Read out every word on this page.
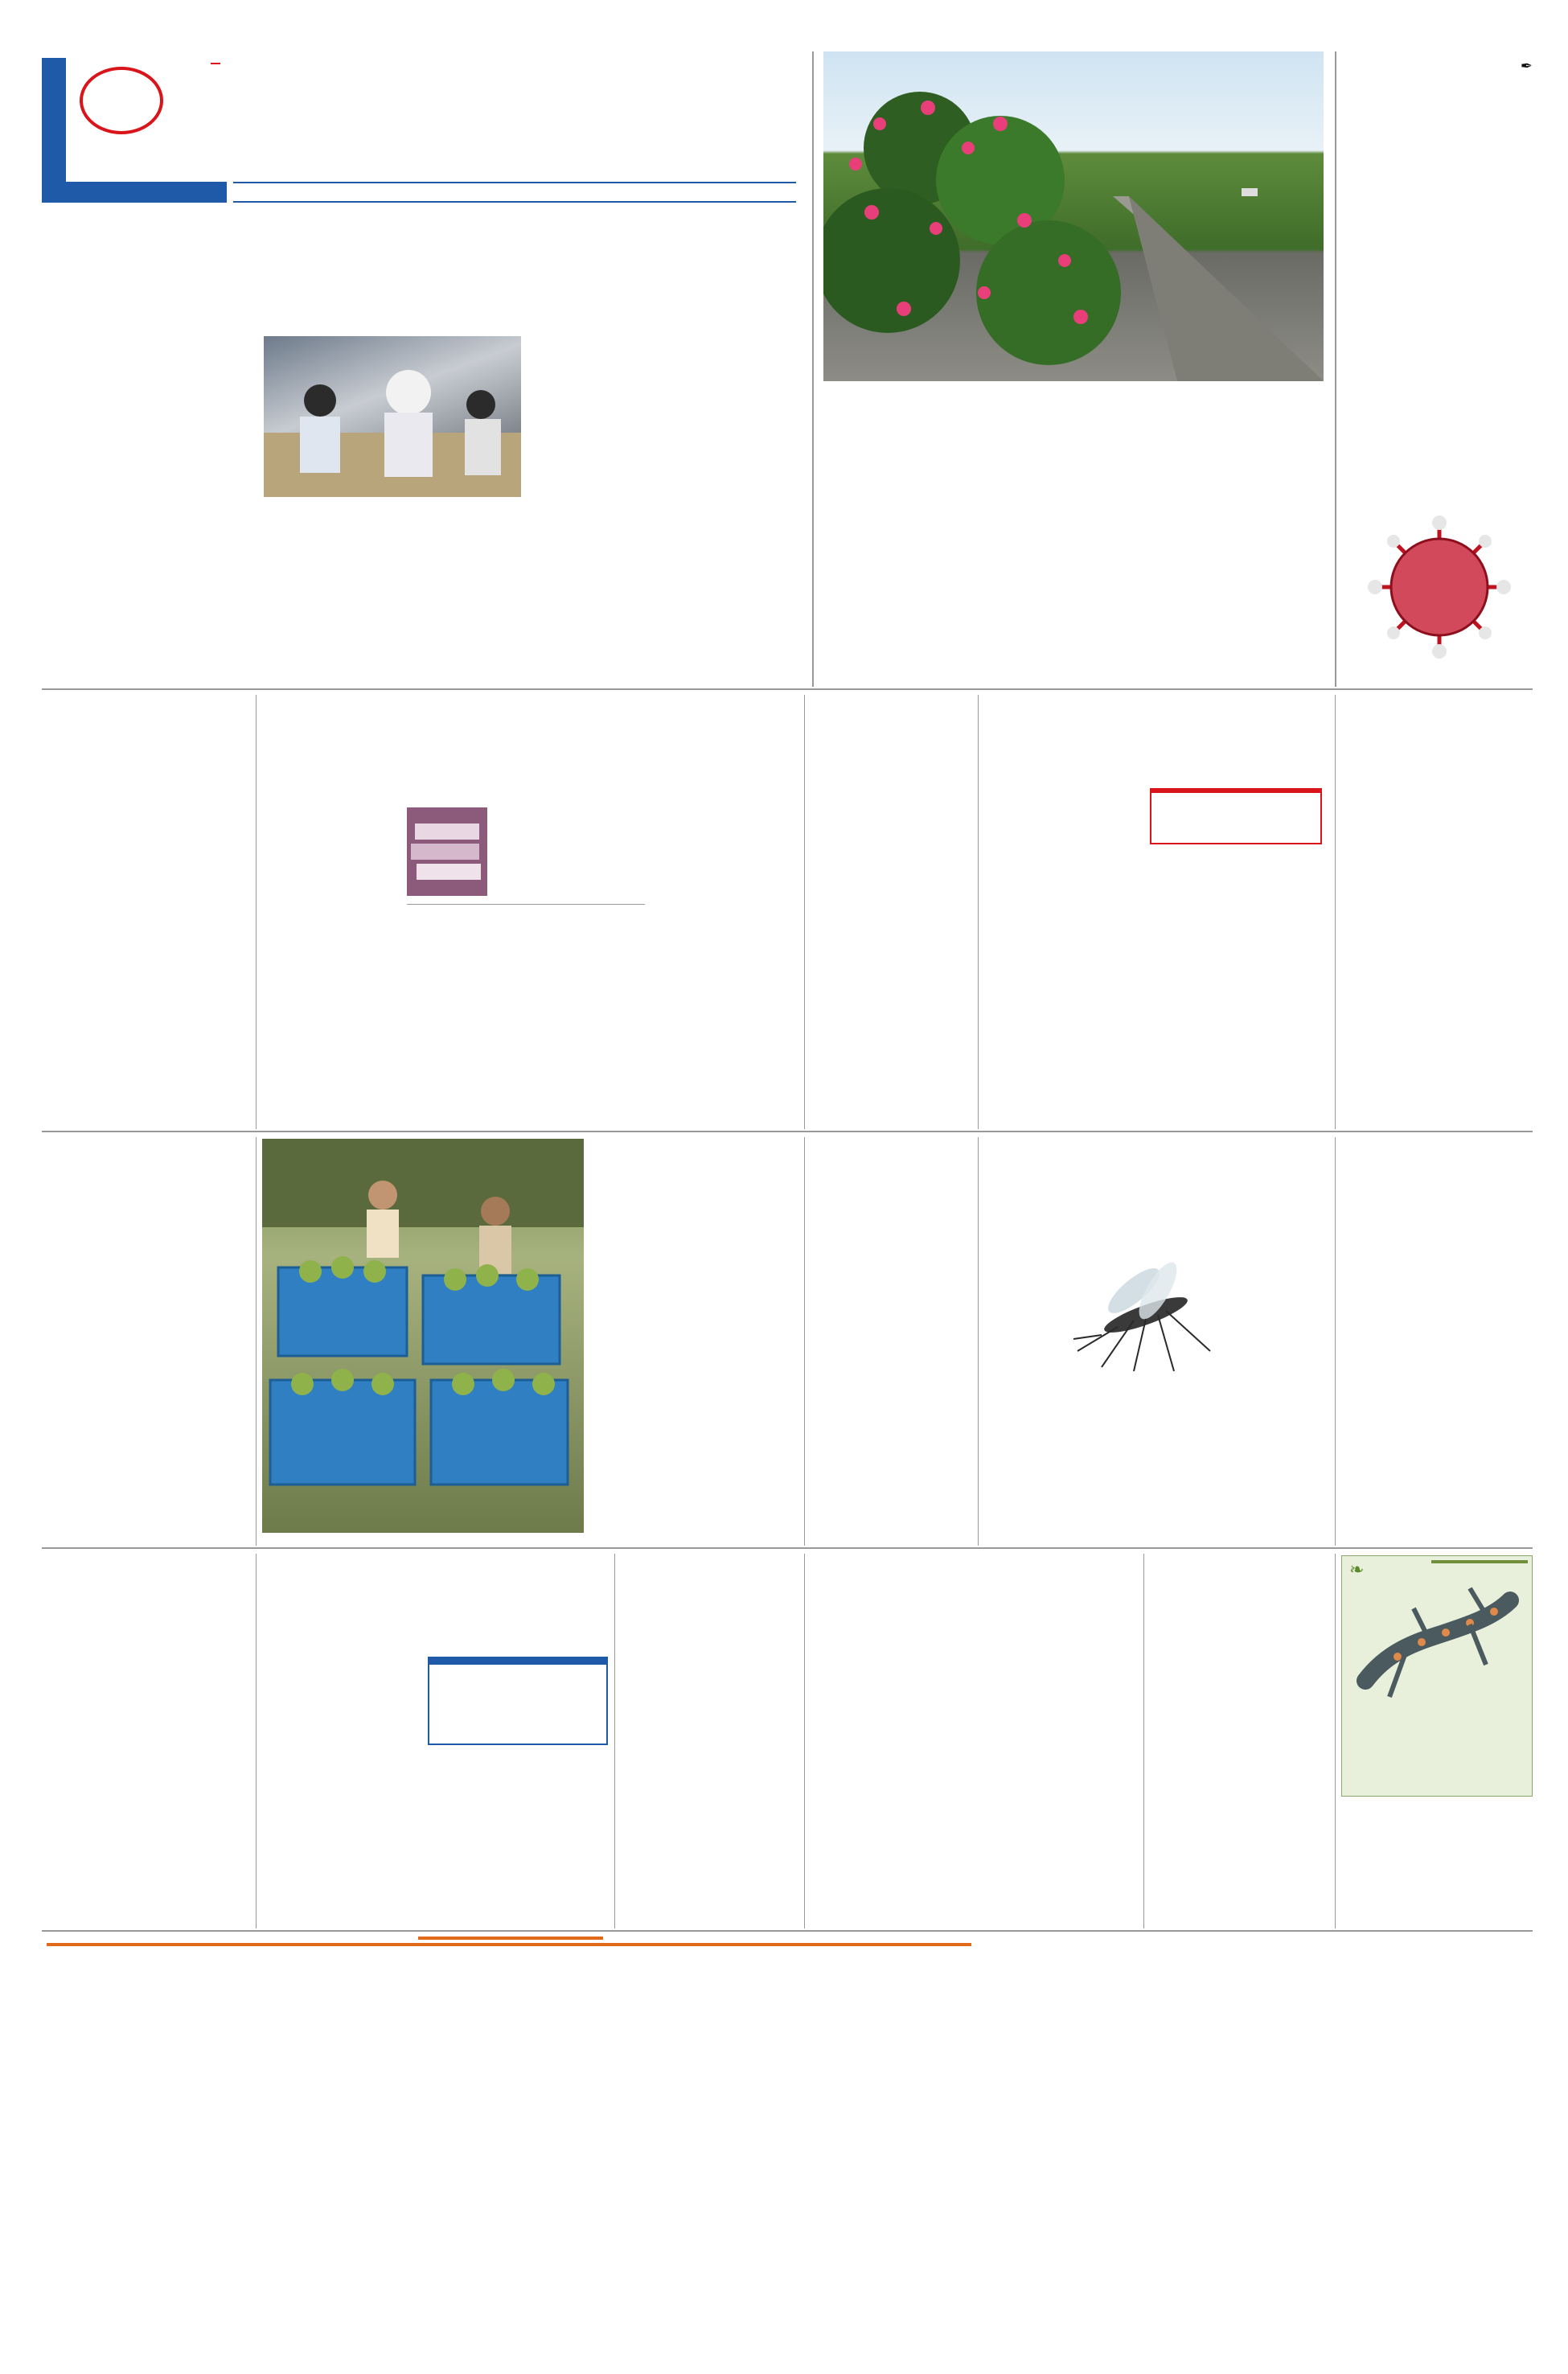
✒
❧
